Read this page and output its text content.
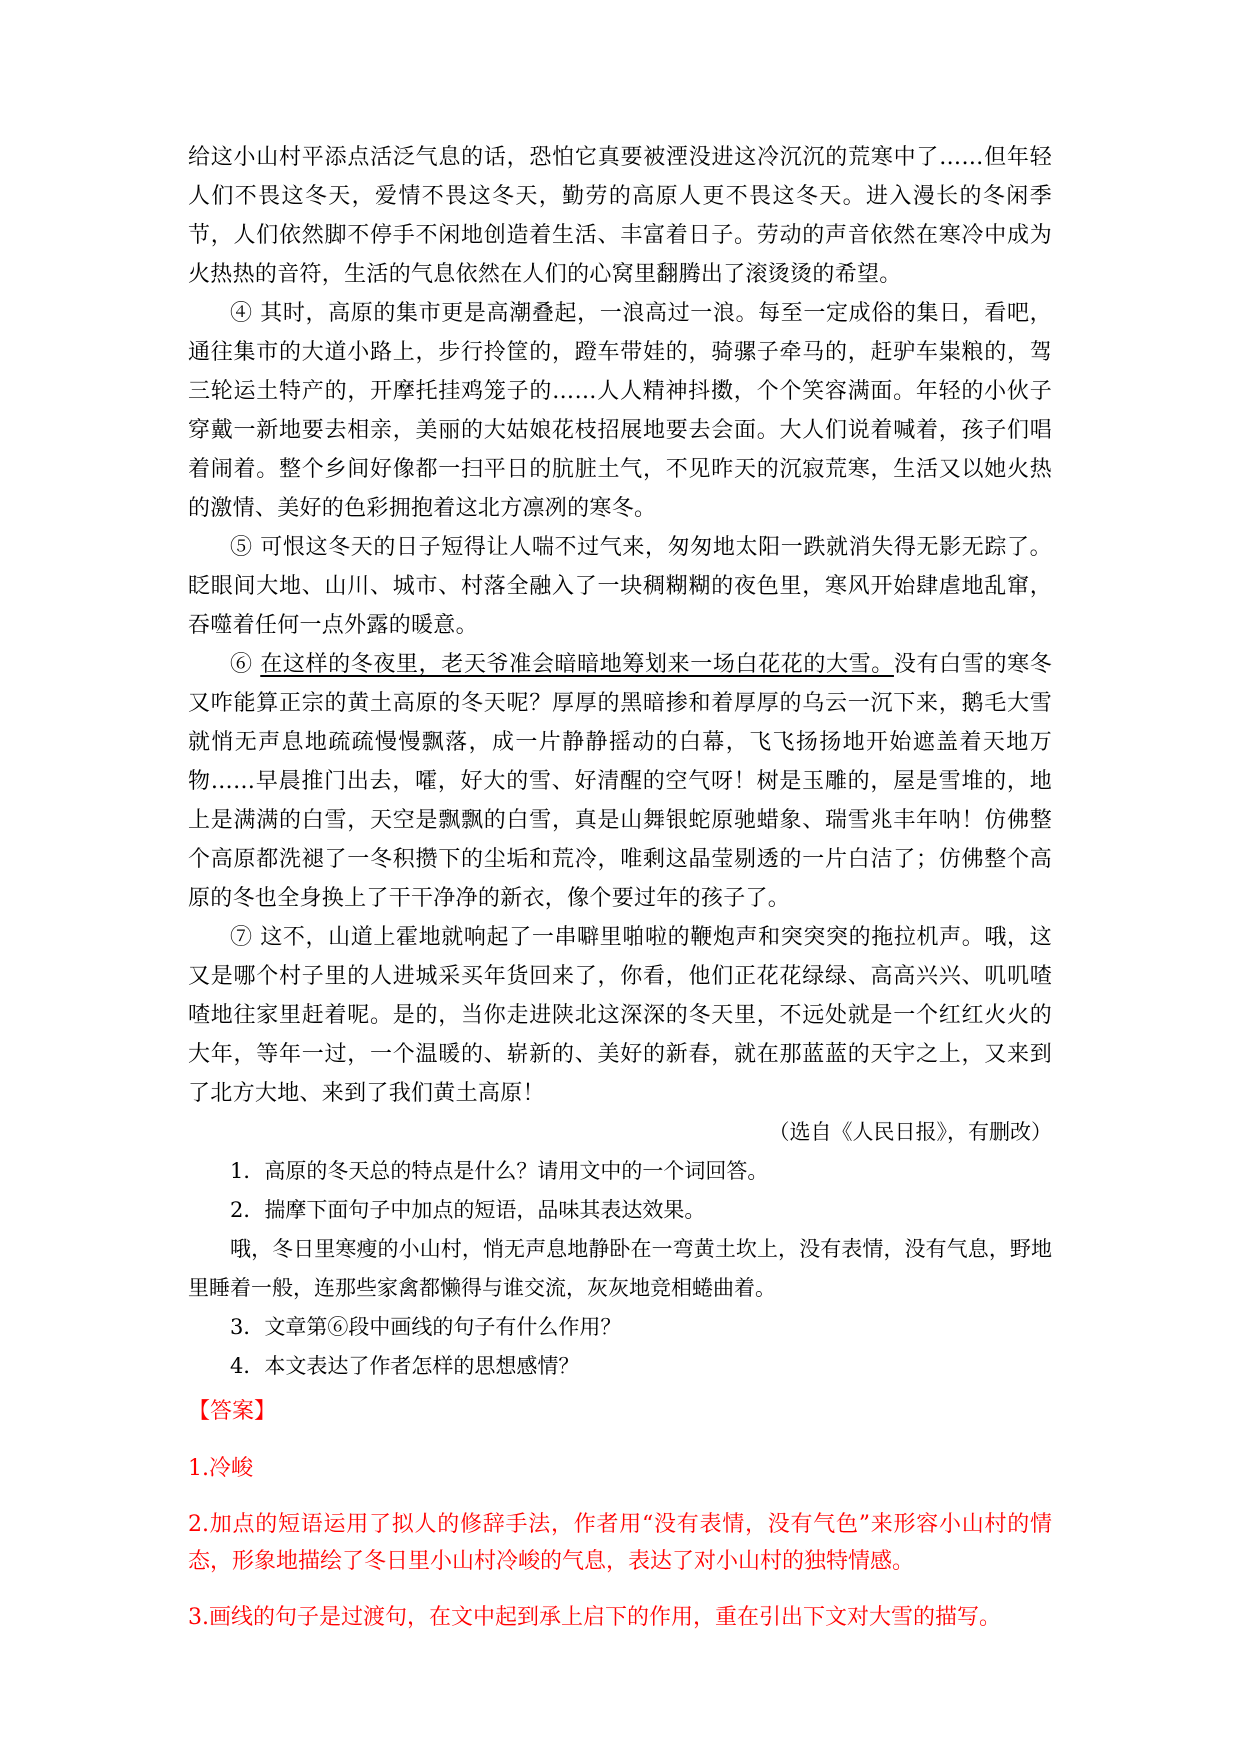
给这小山村平添点活泛气息的话，恐怕它真要被湮没进这冷沉沉的荒寒中了……但年轻人们不畏这冬天，爱情不畏这冬天，勤劳的高原人更不畏这冬天。进入漫长的冬闲季节，人们依然脚不停手不闲地创造着生活、丰富着日子。劳动的声音依然在寒冷中成为火热热的音符，生活的气息依然在人们的心窝里翻腾出了滚烫烫的希望。

④ 其时，高原的集市更是高潮叠起，一浪高过一浪。每至一定成俗的集日，看吧，通往集市的大道小路上，步行拎筐的，蹬车带娃的，骑骡子牵马的，赶驴车粜粮的，驾三轮运土特产的，开摩托挂鸡笼子的……人人精神抖擞，个个笑容满面。年轻的小伙子穿戴一新地要去相亲，美丽的大姑娘花枝招展地要去会面。大人们说着喊着，孩子们唱着闹着。整个乡间好像都一扫平日的肮脏土气，不见昨天的沉寂荒寒，生活又以她火热的激情、美好的色彩拥抱着这北方凛冽的寒冬。

⑤ 可恨这冬天的日子短得让人喘不过气来，匆匆地太阳一跌就消失得无影无踪了。眨眼间大地、山川、城市、村落全融入了一块稠糊糊的夜色里，寒风开始肆虐地乱窜，吞噬着任何一点外露的暖意。

⑥ 在这样的冬夜里，老天爷准会暗暗地筹划来一场白花花的大雪。没有白雪的寒冬又咋能算正宗的黄土高原的冬天呢？厚厚的黑暗掺和着厚厚的乌云一沉下来，鹅毛大雪就悄无声息地疏疏慢慢飘落，成一片静静摇动的白幕，飞飞扬扬地开始遮盖着天地万物……早晨推门出去，嚯，好大的雪、好清醒的空气呀！树是玉雕的，屋是雪堆的，地上是满满的白雪，天空是飘飘的白雪，真是山舞银蛇原驰蜡象、瑞雪兆丰年呐！仿佛整个高原都洗褪了一冬积攒下的尘垢和荒冷，唯剩这晶莹剔透的一片白洁了；仿佛整个高原的冬也全身换上了干干净净的新衣，像个要过年的孩子了。

⑦ 这不，山道上霍地就响起了一串噼里啪啦的鞭炮声和突突突的拖拉机声。哦，这又是哪个村子里的人进城采买年货回来了，你看，他们正花花绿绿、高高兴兴、叽叽喳喳地往家里赶着呢。是的，当你走进陕北这深深的冬天里，不远处就是一个红红火火的大年，等年一过，一个温暖的、崭新的、美好的新春，就在那蓝蓝的天宇之上，又来到了北方大地、来到了我们黄土高原！

（选自《人民日报》，有删改）

1．高原的冬天总的特点是什么？请用文中的一个词回答。

2．揣摩下面句子中加点的短语，品味其表达效果。

哦，冬日里寒瘦的小山村，悄无声息地静卧在一弯黄土坎上，没有表情，没有气息，野地里睡着一般，连那些家禽都懒得与谁交流，灰灰地竞相蜷曲着。

3．文章第⑥段中画线的句子有什么作用？

4．本文表达了作者怎样的思想感情？

【答案】

1.冷峻

2.加点的短语运用了拟人的修辞手法，作者用“没有表情，没有气色”来形容小山村的情态，形象地描绘了冬日里小山村冷峻的气息，表达了对小山村的独特情感。

3.画线的句子是过渡句，在文中起到承上启下的作用，重在引出下文对大雪的描写。
